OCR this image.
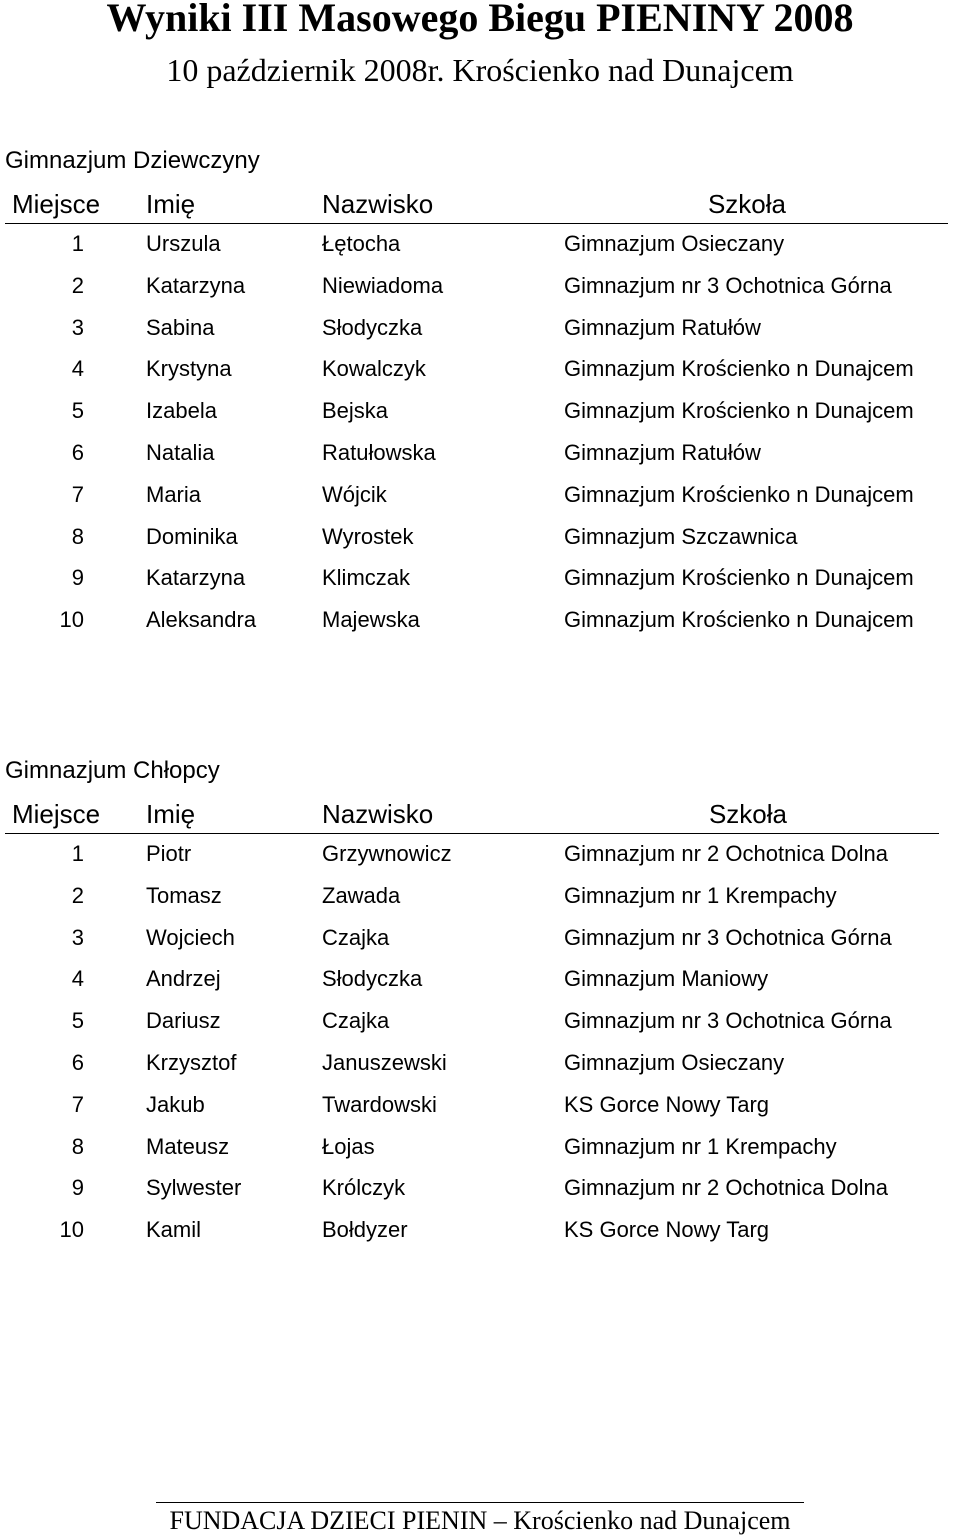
Wyniki III Masowego Biegu PIENINY 2008
10 październik 2008r. Krościenko nad Dunajcem
Gimnazjum Dziewczyny
Miejsce Imię	Nazwisko	Szkoła
1	Urszula	Łętocha	Gimnazjum Osieczany
2	Katarzyna	Niewiadoma	Gimnazjum nr 3 Ochotnica Górna
3	Sabina	Słodyczka	Gimnazjum Ratułów
4	Krystyna	Kowalczyk	Gimnazjum Krościenko n Dunajcem
5	Izabela	Bejska	Gimnazjum Krościenko n Dunajcem
6	Natalia	Ratułowska	Gimnazjum Ratułów
7	Maria	Wójcik	Gimnazjum Krościenko n Dunajcem
8	Dominika	Wyrostek	Gimnazjum Szczawnica
9	Katarzyna	Klimczak	Gimnazjum Krościenko n Dunajcem
10	Aleksandra	Majewska	Gimnazjum Krościenko n Dunajcem
Gimnazjum Chłopcy
Miejsce Imię	Nazwisko	Szkoła
1	Piotr	Grzywnowicz	Gimnazjum nr 2 Ochotnica Dolna
2	Tomasz	Zawada	Gimnazjum nr 1 Krempachy
3	Wojciech	Czajka	Gimnazjum nr 3 Ochotnica Górna
4	Andrzej	Słodyczka	Gimnazjum Maniowy
5	Dariusz	Czajka	Gimnazjum nr 3 Ochotnica Górna
6	Krzysztof	Januszewski	Gimnazjum Osieczany
7	Jakub	Twardowski	KS Gorce Nowy Targ
8	Mateusz	Łojas	Gimnazjum nr 1 Krempachy
9	Sylwester	Królczyk	Gimnazjum nr 2 Ochotnica Dolna
10	Kamil	Bołdyzer	KS Gorce Nowy Targ
FUNDACJA DZIECI PIENIN – Krościenko nad Dunajcem
